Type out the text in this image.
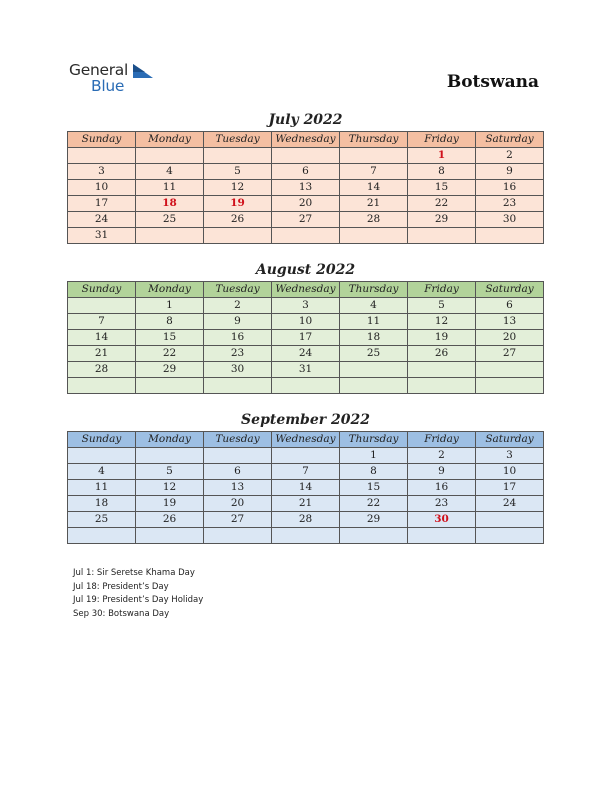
General
Blue	Botswana
July 2022
Sunday	Monday	Tuesday	Wednesday	Thursday	Friday	Saturday
					1	2
3	4	5	6	7	8	9
10	11	12	13	14	15	16
17	18	19	20	21	22	23
24	25	26	27	28	29	30
31						
August 2022
Sunday	Monday	Tuesday	Wednesday	Thursday	Friday	Saturday
	1	2	3	4	5	6
7	8	9	10	11	12	13
14	15	16	17	18	19	20
21	22	23	24	25	26	27
28	29	30	31			

September 2022
Sunday	Monday	Tuesday	Wednesday	Thursday	Friday	Saturday
				1	2	3
4	5	6	7	8	9	10
11	12	13	14	15	16	17
18	19	20	21	22	23	24
25	26	27	28	29	30	

Jul 1: Sir Seretse Khama Day
Jul 18: President’s Day
Jul 19: President’s Day Holiday
Sep 30: Botswana Day
